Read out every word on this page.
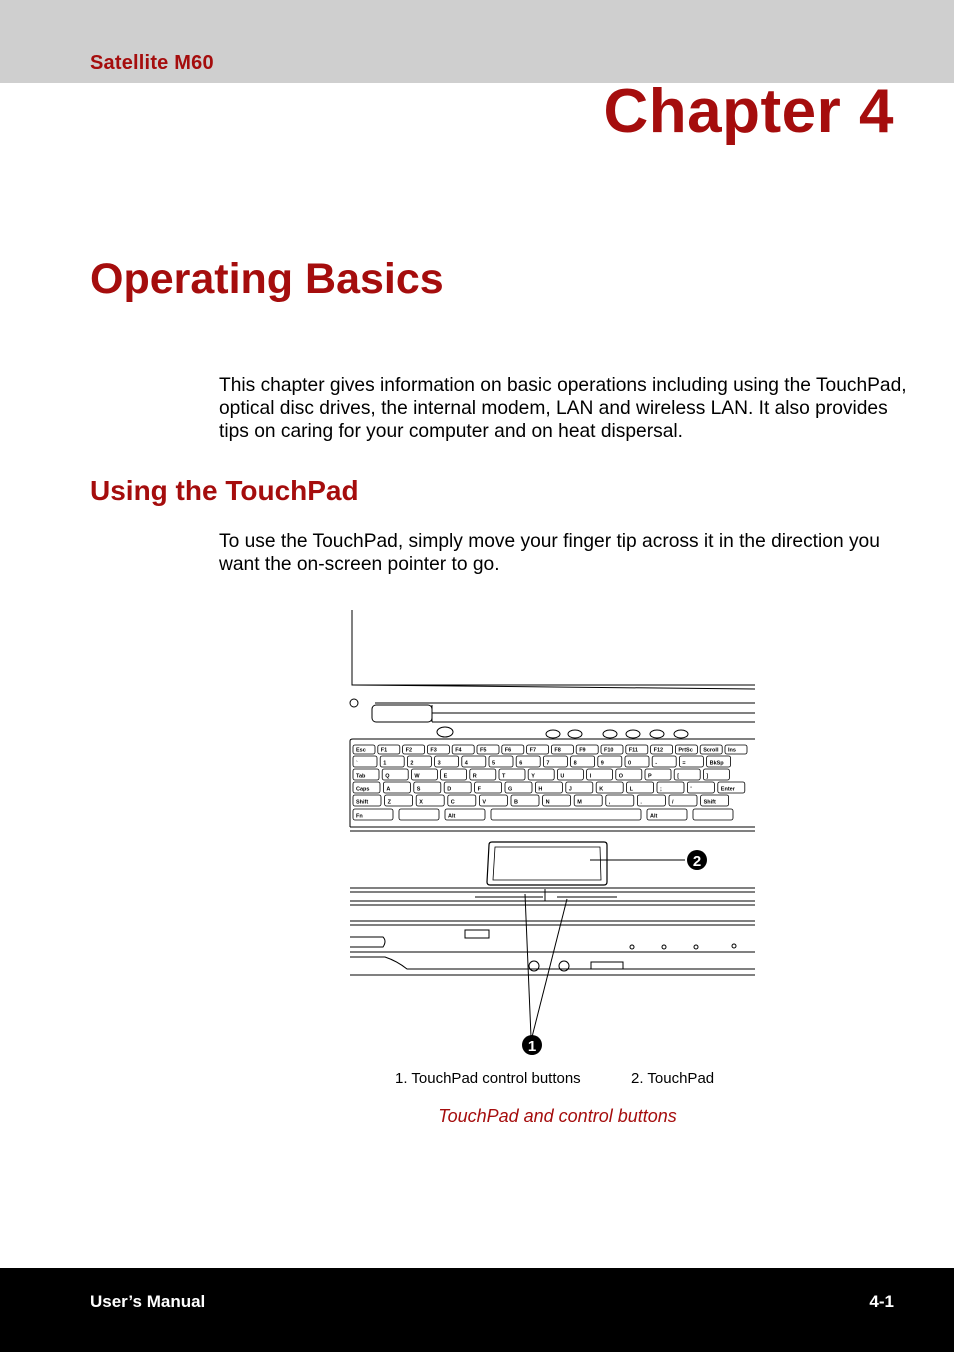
Satellite M60
Chapter 4
Operating Basics

This chapter gives information on basic operations including using the TouchPad, optical disc drives, the internal modem, LAN and wireless LAN. It also provides tips on caring for your computer and on heat dispersal.

Using the TouchPad

To use the TouchPad, simply move your finger tip across it in the direction you want the on-screen pointer to go.

Esc	F1	F2	F3	F4	F5	F6	F7	F8	F9	F10	F11	F12	PrtSc Scroll Ins
`	1	2	3	4	5	6	7	8	9	0	-	=	BkSp
Tab	Q	W	E	R	T	Y	U	I	O	P	[	]
Caps	A	S	D	F	G	H	J	K	L	;	'	Enter
Shift	Z	X	C	V	B	N	M	,	.	/	Shift
Fn	Alt	Alt
2
1
1. TouchPad control buttons	2. TouchPad
TouchPad and control buttons
User’s Manual	4-1
